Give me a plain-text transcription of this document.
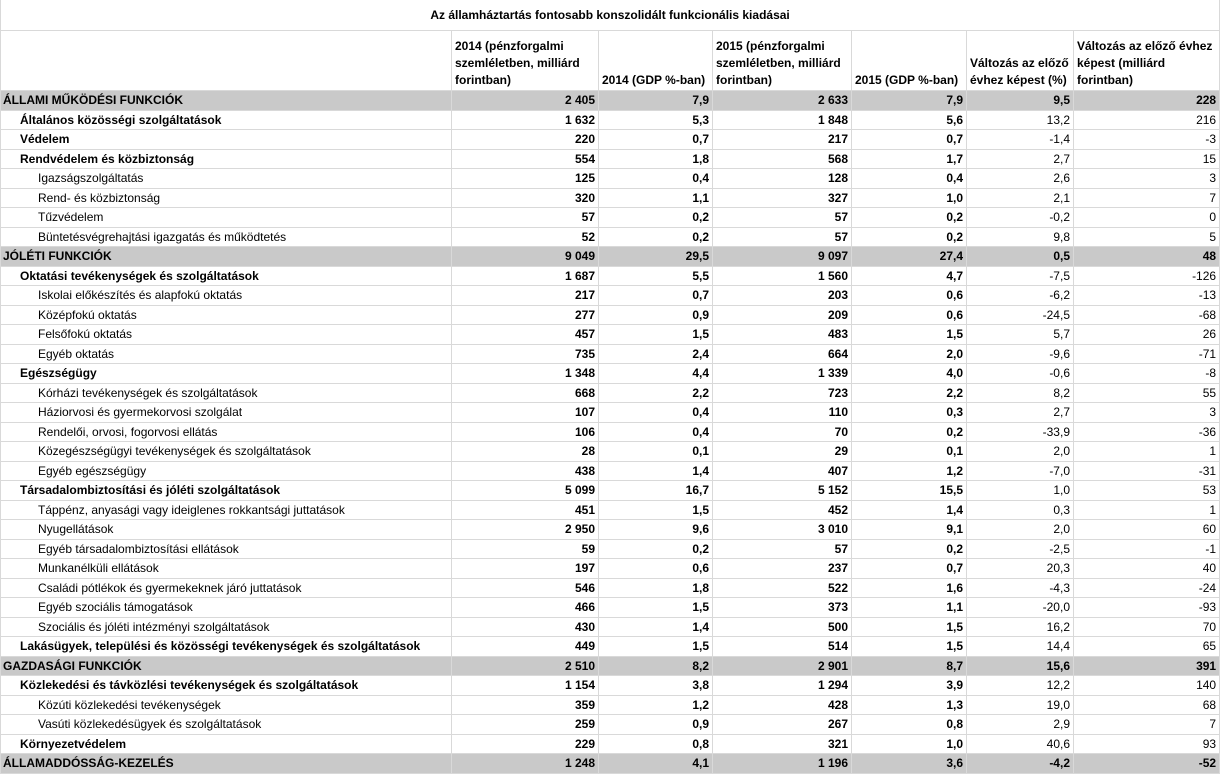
Az államháztartás fontosabb konszolidált funkcionális kiadásai						
	2014 (pénzforgalmi szemléletben, milliárd forintban)	2014 (GDP %-ban)	2015 (pénzforgalmi szemléletben, milliárd forintban)	2015 (GDP %-ban)	Változás az előző évhez képest (%)	Változás az előző évhez képest (milliárd forintban)
ÁLLAMI MŰKÖDÉSI FUNKCIÓK	2 405	7,9	2 633	7,9	9,5	228
Általános közösségi szolgáltatások	1 632	5,3	1 848	5,6	13,2	216
Védelem	220	0,7	217	0,7	-1,4	-3
Rendvédelem és közbiztonság	554	1,8	568	1,7	2,7	15
Igazságszolgáltatás	125	0,4	128	0,4	2,6	3
Rend- és közbiztonság	320	1,1	327	1,0	2,1	7
Tűzvédelem	57	0,2	57	0,2	-0,2	0
Büntetésvégrehajtási igazgatás és működtetés	52	0,2	57	0,2	9,8	5
JÓLÉTI FUNKCIÓK	9 049	29,5	9 097	27,4	0,5	48
Oktatási tevékenységek és szolgáltatások	1 687	5,5	1 560	4,7	-7,5	-126
Iskolai előkészítés és alapfokú oktatás	217	0,7	203	0,6	-6,2	-13
Középfokú oktatás	277	0,9	209	0,6	-24,5	-68
Felsőfokú oktatás	457	1,5	483	1,5	5,7	26
Egyéb oktatás	735	2,4	664	2,0	-9,6	-71
Egészségügy	1 348	4,4	1 339	4,0	-0,6	-8
Kórházi tevékenységek és szolgáltatások	668	2,2	723	2,2	8,2	55
Háziorvosi és gyermekorvosi szolgálat	107	0,4	110	0,3	2,7	3
Rendelői, orvosi, fogorvosi ellátás	106	0,4	70	0,2	-33,9	-36
Közegészségügyi tevékenységek és szolgáltatások	28	0,1	29	0,1	2,0	1
Egyéb egészségügy	438	1,4	407	1,2	-7,0	-31
Társadalombiztosítási és jóléti szolgáltatások	5 099	16,7	5 152	15,5	1,0	53
Táppénz, anyasági vagy ideiglenes rokkantsági juttatások	451	1,5	452	1,4	0,3	1
Nyugellátások	2 950	9,6	3 010	9,1	2,0	60
Egyéb társadalombiztosítási ellátások	59	0,2	57	0,2	-2,5	-1
Munkanélküli ellátások	197	0,6	237	0,7	20,3	40
Családi pótlékok és gyermekeknek járó juttatások	546	1,8	522	1,6	-4,3	-24
Egyéb szociális támogatások	466	1,5	373	1,1	-20,0	-93
Szociális és jóléti intézményi szolgáltatások	430	1,4	500	1,5	16,2	70
Lakásügyek, települési és közösségi tevékenységek és szolgáltatások	449	1,5	514	1,5	14,4	65
GAZDASÁGI FUNKCIÓK	2 510	8,2	2 901	8,7	15,6	391
Közlekedési és távközlési tevékenységek és szolgáltatások	1 154	3,8	1 294	3,9	12,2	140
Közúti közlekedési tevékenységek	359	1,2	428	1,3	19,0	68
Vasúti közlekedésügyek és szolgáltatások	259	0,9	267	0,8	2,9	7
Környezetvédelem	229	0,8	321	1,0	40,6	93
ÁLLAMADDÓSSÁG-KEZELÉS	1 248	4,1	1 196	3,6	-4,2	-52
